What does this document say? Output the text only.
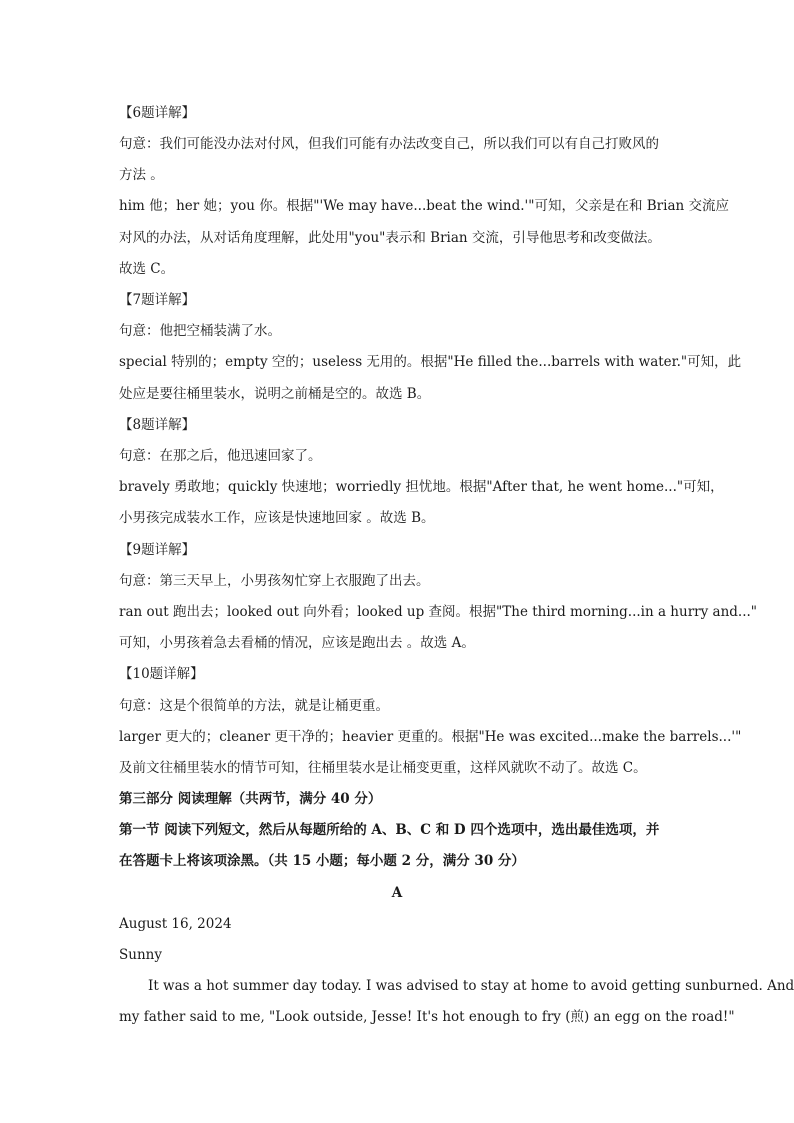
【6题详解】
句意：我们可能没办法对付风，但我们可能有办法改变自己，所以我们可以有自己打败风的
方法 。
him 他；her 她；you 你。根据"'We may have...beat the wind.'"可知，父亲是在和 Brian 交流应
对风的办法，从对话角度理解，此处用"you"表示和 Brian 交流，引导他思考和改变做法。
故选 C。
【7题详解】
句意：他把空桶装满了水。
special 特别的；empty 空的；useless 无用的。根据"He filled the...barrels with water."可知，此
处应是要往桶里装水，说明之前桶是空的。故选 B。
【8题详解】
句意：在那之后，他迅速回家了。
bravely 勇敢地；quickly 快速地；worriedly 担忧地。根据"After that, he went home..."可知，
小男孩完成装水工作，应该是快速地回家 。故选 B。
【9题详解】
句意：第三天早上，小男孩匆忙穿上衣服跑了出去。
ran out 跑出去；looked out 向外看；looked up 查阅。根据"The third morning...in a hurry and..."
可知，小男孩着急去看桶的情况，应该是跑出去 。故选 A。
【10题详解】
句意：这是个很简单的方法，就是让桶更重。
larger 更大的；cleaner 更干净的；heavier 更重的。根据"He was excited...make the barrels...'"
及前文往桶里装水的情节可知，往桶里装水是让桶变更重，这样风就吹不动了。故选 C。
第三部分 阅读理解（共两节，满分 40 分）
第一节 阅读下列短文，然后从每题所给的 A、B、C 和 D 四个选项中，选出最佳选项，并
在答题卡上将该项涂黑。（共 15 小题；每小题 2 分，满分 30 分）
A
August 16, 2024
Sunny
It was a hot summer day today. I was advised to stay at home to avoid getting sunburned. And
my father said to me, "Look outside, Jesse! It's hot enough to fry (煎) an egg on the road!"
